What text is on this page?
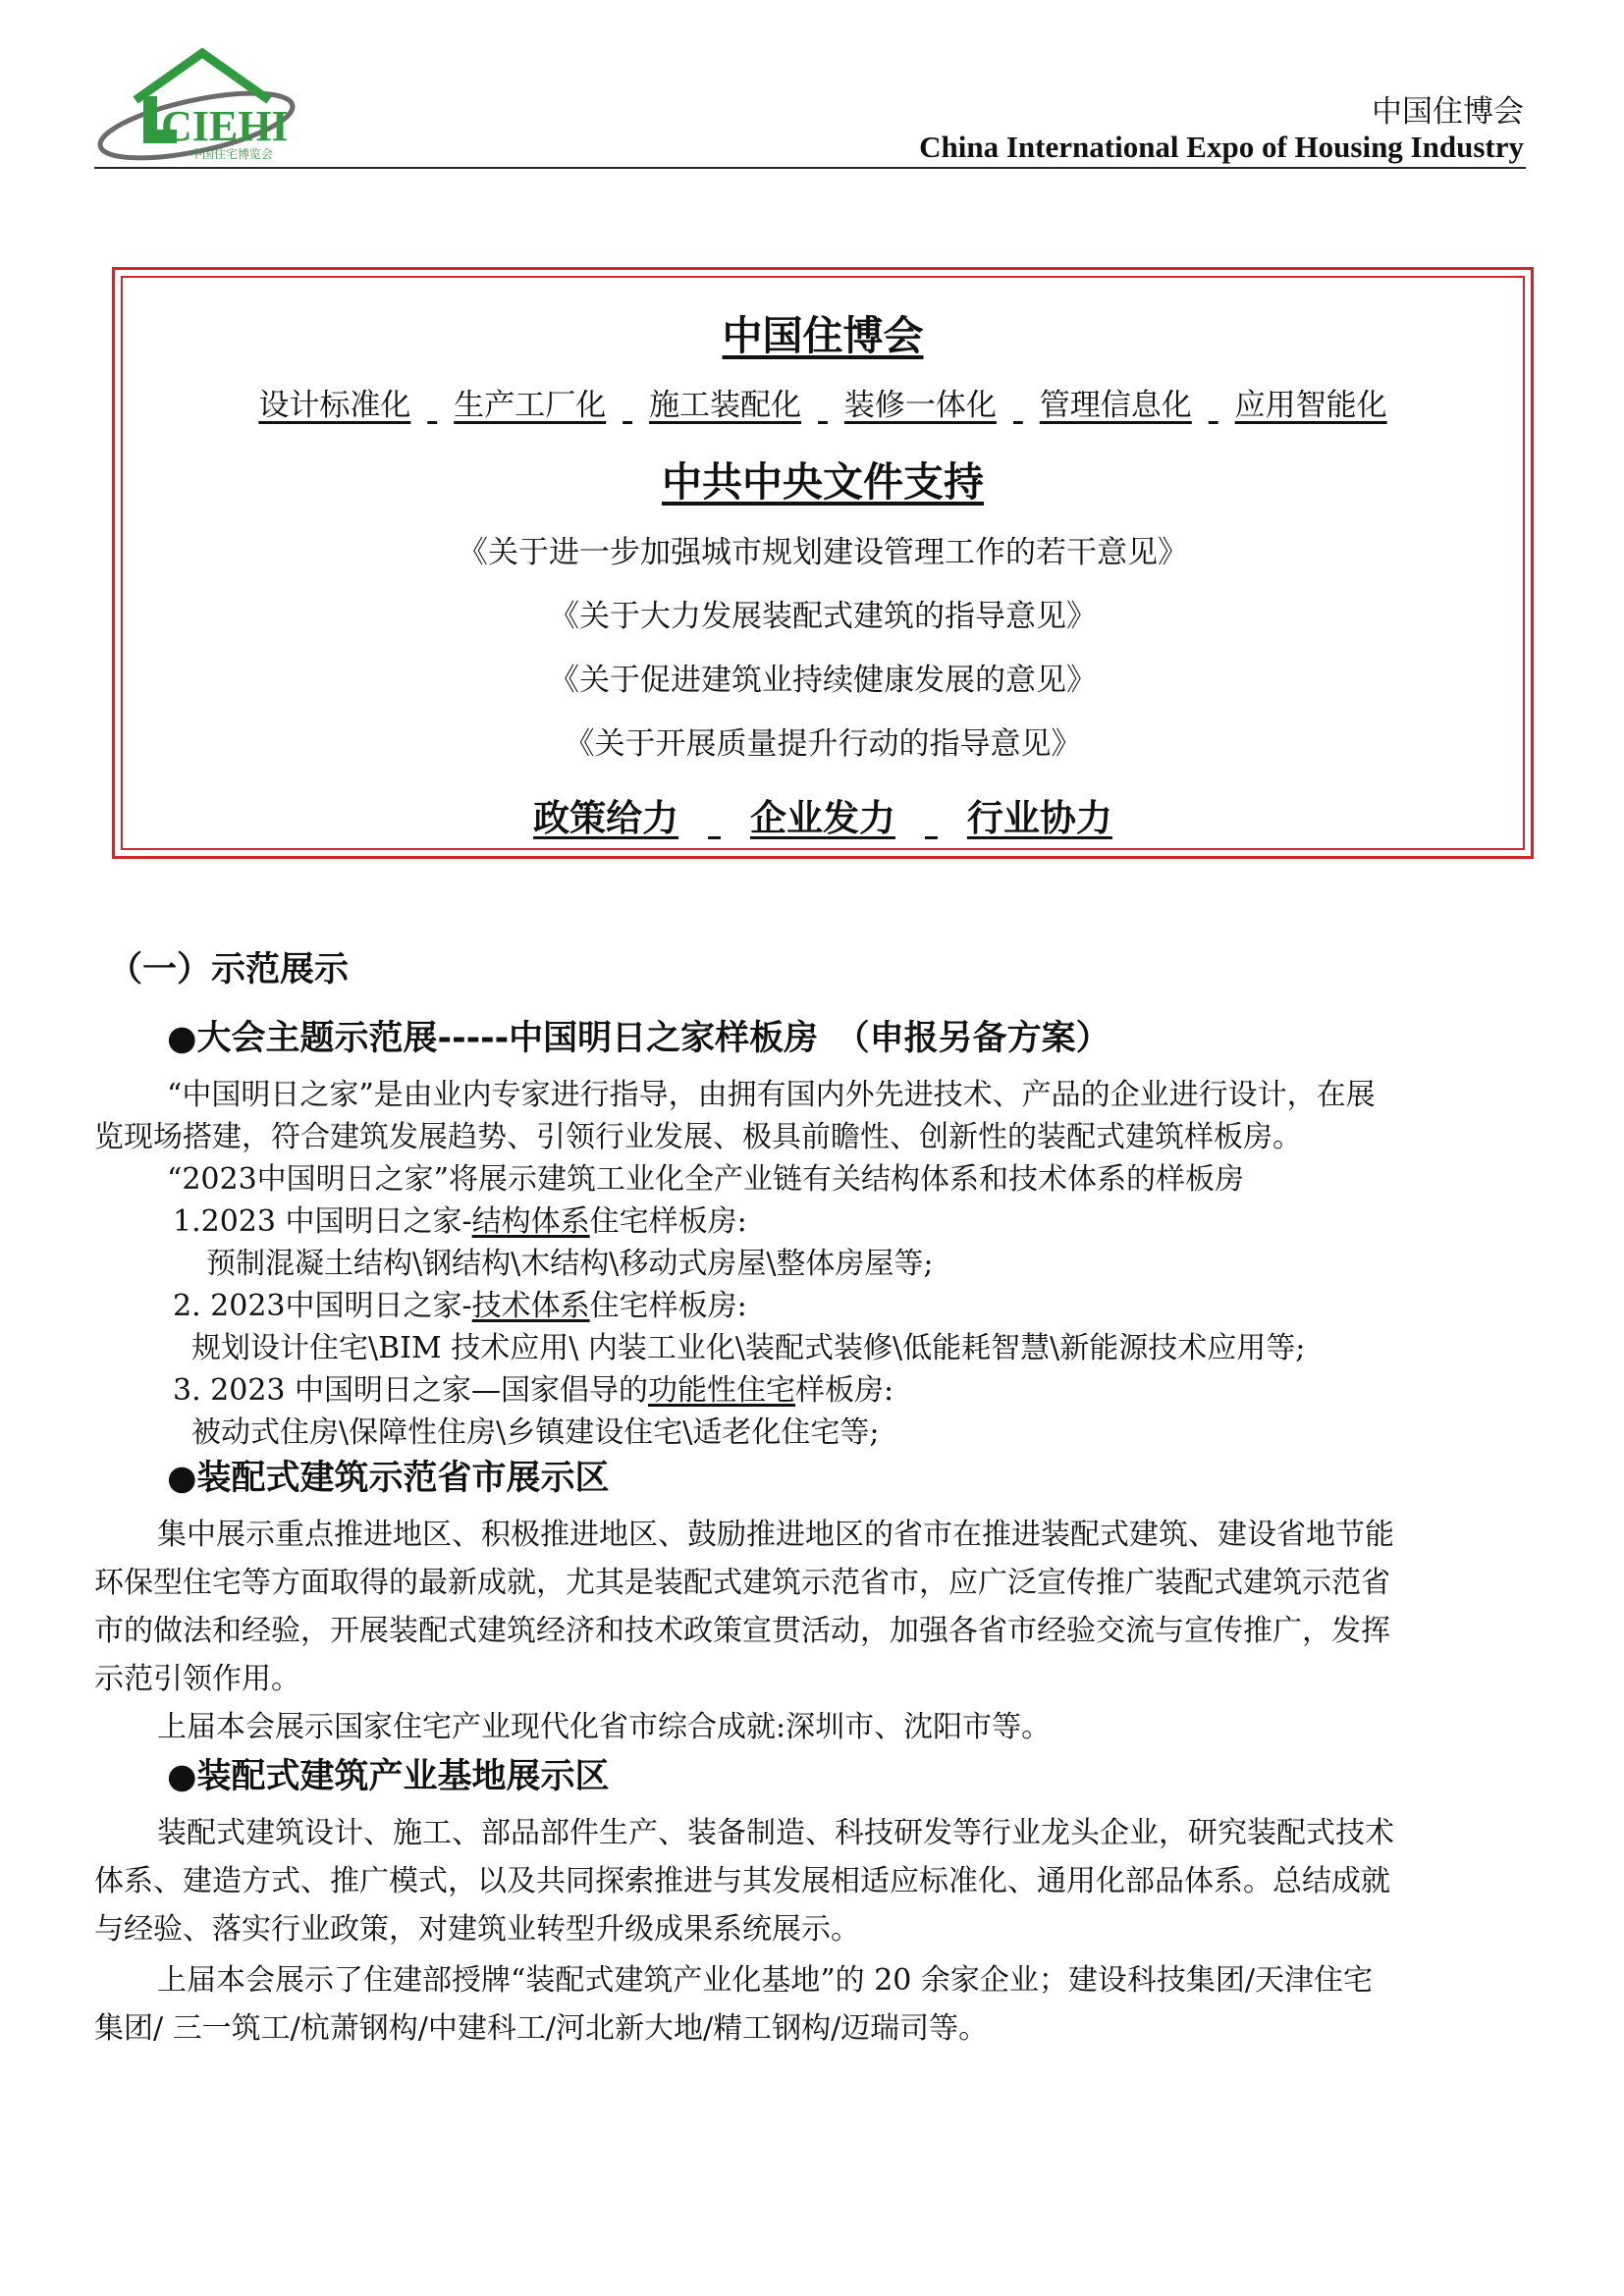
CIEHI
中国住宅博览会
中国住博会
China International Expo of Housing Industry
中国住博会
设计标准化 生产工厂化 施工装配化 装修一体化 管理信息化 应用智能化
中共中央文件支持
《关于进一步加强城市规划建设管理工作的若干意见》
《关于大力发展装配式建筑的指导意见》
《关于促进建筑业持续健康发展的意见》
《关于开展质量提升行动的指导意见》
政策给力 企业发力 行业协力
（一）示范展示
●大会主题示范展-----中国明日之家样板房　（申报另备方案）
“中国明日之家”是由业内专家进行指导，由拥有国内外先进技术、产品的企业进行设计，在展
览现场搭建，符合建筑发展趋势、引领行业发展、极具前瞻性、创新性的装配式建筑样板房。
“2023中国明日之家”将展示建筑工业化全产业链有关结构体系和技术体系的样板房
1.2023 中国明日之家-结构体系住宅样板房:
预制混凝土结构\钢结构\木结构\移动式房屋\整体房屋等;
2. 2023中国明日之家-技术体系住宅样板房:
规划设计住宅\BIM 技术应用\ 内装工业化\装配式装修\低能耗智慧\新能源技术应用等;
3. 2023 中国明日之家—国家倡导的功能性住宅样板房:
被动式住房\保障性住房\乡镇建设住宅\适老化住宅等;
●装配式建筑示范省市展示区
集中展示重点推进地区、积极推进地区、鼓励推进地区的省市在推进装配式建筑、建设省地节能
环保型住宅等方面取得的最新成就，尤其是装配式建筑示范省市，应广泛宣传推广装配式建筑示范省
市的做法和经验，开展装配式建筑经济和技术政策宣贯活动，加强各省市经验交流与宣传推广，发挥
示范引领作用。
上届本会展示国家住宅产业现代化省市综合成就:深圳市、沈阳市等。
●装配式建筑产业基地展示区
装配式建筑设计、施工、部品部件生产、装备制造、科技研发等行业龙头企业，研究装配式技术
体系、建造方式、推广模式，以及共同探索推进与其发展相适应标准化、通用化部品体系。总结成就
与经验、落实行业政策，对建筑业转型升级成果系统展示。
上届本会展示了住建部授牌“装配式建筑产业化基地”的 20 余家企业；建设科技集团/天津住宅
集团/ 三一筑工/杭萧钢构/中建科工/河北新大地/精工钢构/迈瑞司等。
